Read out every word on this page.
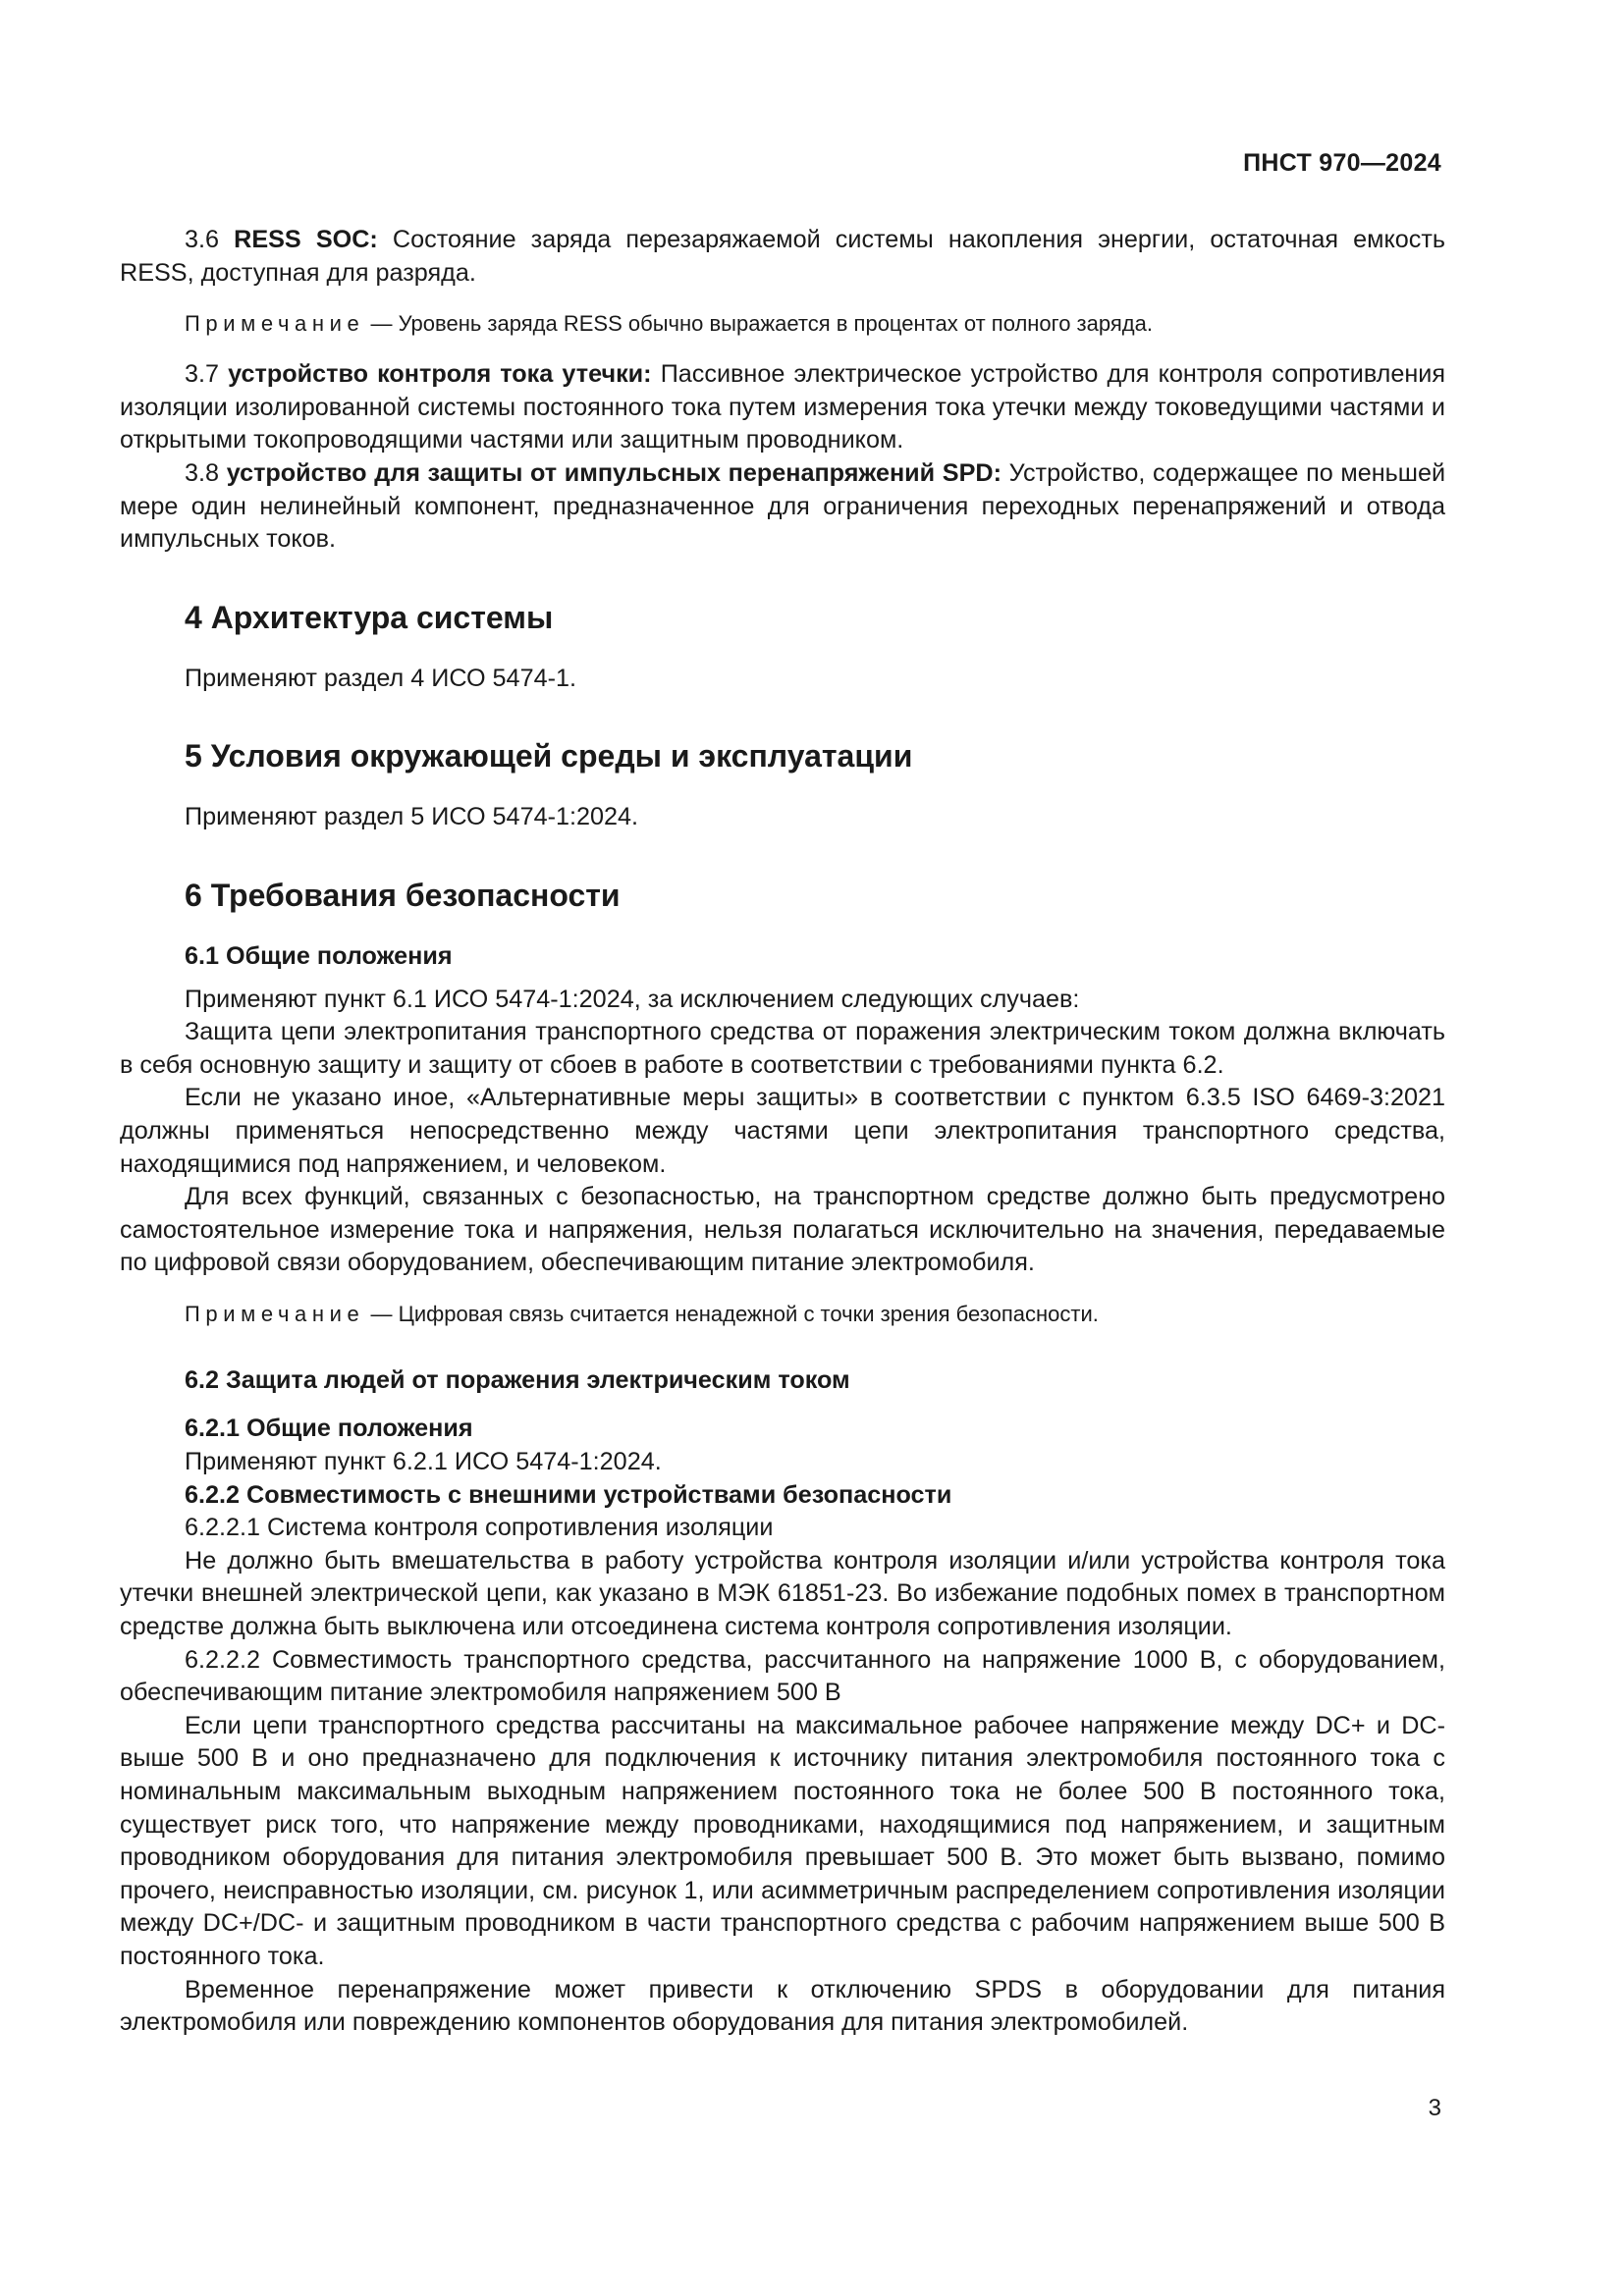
ПНСТ 970—2024

3.6 RESS SOC: Состояние заряда перезаряжаемой системы накопления энергии, остаточная емкость RESS, доступная для разряда.

Примечание — Уровень заряда RESS обычно выражается в процентах от полного заряда.

3.7 устройство контроля тока утечки: Пассивное электрическое устройство для контроля сопротивления изоляции изолированной системы постоянного тока путем измерения тока утечки между токоведущими частями и открытыми токопроводящими частями или защитным проводником.

3.8 устройство для защиты от импульсных перенапряжений SPD: Устройство, содержащее по меньшей мере один нелинейный компонент, предназначенное для ограничения переходных перенапряжений и отвода импульсных токов.

4 Архитектура системы

Применяют раздел 4 ИСО 5474-1.

5 Условия окружающей среды и эксплуатации

Применяют раздел 5 ИСО 5474-1:2024.

6 Требования безопасности
6.1 Общие положения

Применяют пункт 6.1 ИСО 5474-1:2024, за исключением следующих случаев:

Защита цепи электропитания транспортного средства от поражения электрическим током должна включать в себя основную защиту и защиту от сбоев в работе в соответствии с требованиями пункта 6.2.

Если не указано иное, «Альтернативные меры защиты» в соответствии с пунктом 6.3.5 ISO 6469-3:2021 должны применяться непосредственно между частями цепи электропитания транспортного средства, находящимися под напряжением, и человеком.

Для всех функций, связанных с безопасностью, на транспортном средстве должно быть предусмотрено самостоятельное измерение тока и напряжения, нельзя полагаться исключительно на значения, передаваемые по цифровой связи оборудованием, обеспечивающим питание электромобиля.

Примечание — Цифровая связь считается ненадежной с точки зрения безопасности.

6.2 Защита людей от поражения электрическим током
6.2.1 Общие положения
Применяют пункт 6.2.1 ИСО 5474-1:2024.
6.2.2 Совместимость с внешними устройствами безопасности
6.2.2.1 Система контроля сопротивления изоляции

Не должно быть вмешательства в работу устройства контроля изоляции и/или устройства контроля тока утечки внешней электрической цепи, как указано в МЭК 61851-23. Во избежание подобных помех в транспортном средстве должна быть выключена или отсоединена система контроля сопротивления изоляции.

6.2.2.2 Совместимость транспортного средства, рассчитанного на напряжение 1000 В, с оборудованием, обеспечивающим питание электромобиля напряжением 500 В

Если цепи транспортного средства рассчитаны на максимальное рабочее напряжение между DC+ и DC- выше 500 В и оно предназначено для подключения к источнику питания электромобиля постоянного тока с номинальным максимальным выходным напряжением постоянного тока не более 500 В постоянного тока, существует риск того, что напряжение между проводниками, находящимися под напряжением, и защитным проводником оборудования для питания электромобиля превышает 500 В. Это может быть вызвано, помимо прочего, неисправностью изоляции, см. рисунок 1, или асимметричным распределением сопротивления изоляции между DC+/DC- и защитным проводником в части транспортного средства с рабочим напряжением выше 500 В постоянного тока.

Временное перенапряжение может привести к отключению SPDS в оборудовании для питания электромобиля или повреждению компонентов оборудования для питания электромобилей.

3
